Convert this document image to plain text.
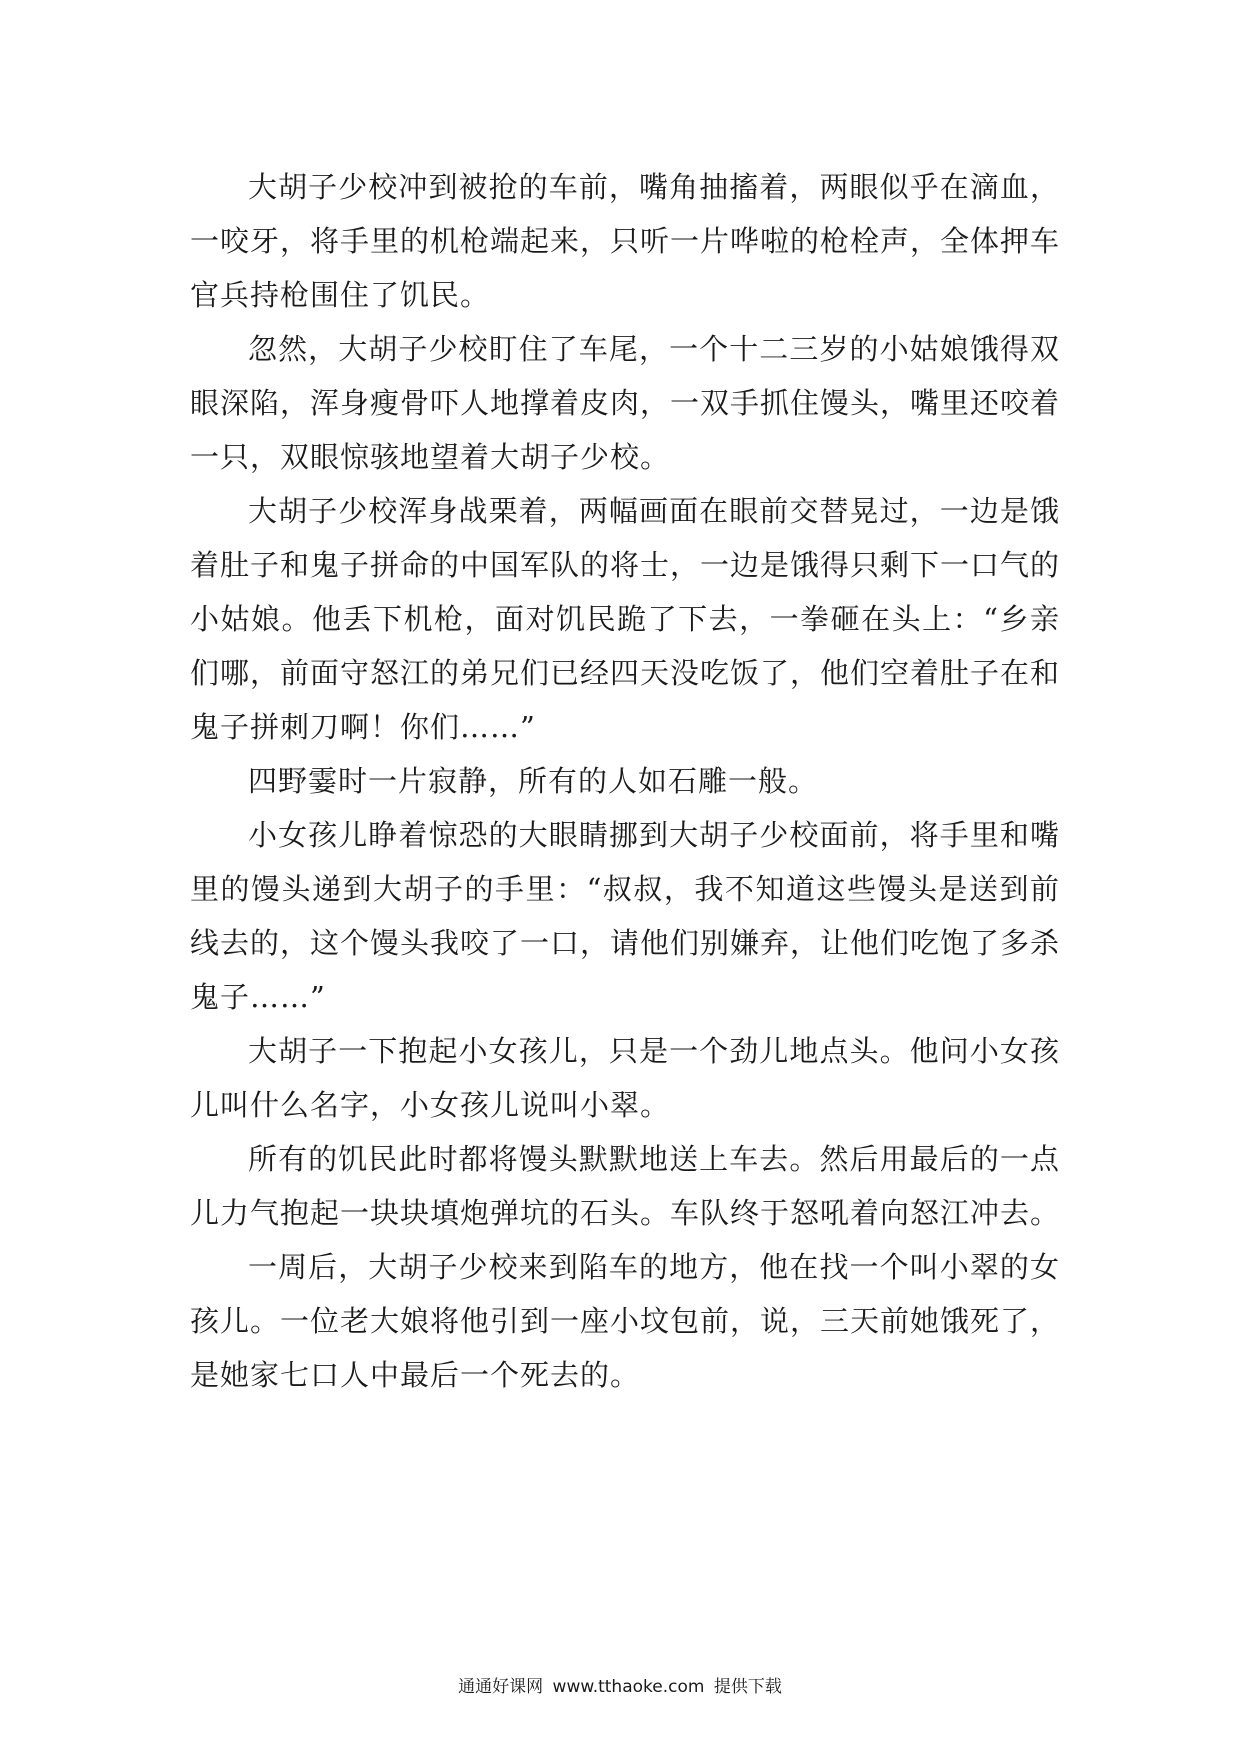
大胡子少校冲到被抢的车前，嘴角抽搐着，两眼似乎在滴血，一咬牙，将手里的机枪端起来，只听一片哗啦的枪栓声，全体押车官兵持枪围住了饥民。

忽然，大胡子少校盯住了车尾，一个十二三岁的小姑娘饿得双眼深陷，浑身瘦骨吓人地撑着皮肉，一双手抓住馒头，嘴里还咬着一只，双眼惊骇地望着大胡子少校。

大胡子少校浑身战栗着，两幅画面在眼前交替晃过，一边是饿着肚子和鬼子拼命的中国军队的将士，一边是饿得只剩下一口气的小姑娘。他丢下机枪，面对饥民跪了下去，一拳砸在头上：“乡亲们哪，前面守怒江的弟兄们已经四天没吃饭了，他们空着肚子在和鬼子拼刺刀啊！你们……”

四野霎时一片寂静，所有的人如石雕一般。

小女孩儿睁着惊恐的大眼睛挪到大胡子少校面前，将手里和嘴里的馒头递到大胡子的手里：“叔叔，我不知道这些馒头是送到前线去的，这个馒头我咬了一口，请他们别嫌弃，让他们吃饱了多杀鬼子……”

大胡子一下抱起小女孩儿，只是一个劲儿地点头。他问小女孩儿叫什么名字，小女孩儿说叫小翠。

所有的饥民此时都将馒头默默地送上车去。然后用最后的一点儿力气抱起一块块填炮弹坑的石头。车队终于怒吼着向怒江冲去。

一周后，大胡子少校来到陷车的地方，他在找一个叫小翠的女孩儿。一位老大娘将他引到一座小坟包前，说，三天前她饿死了，是她家七口人中最后一个死去的。

通通好课网 www.tthaoke.com 提供下载
